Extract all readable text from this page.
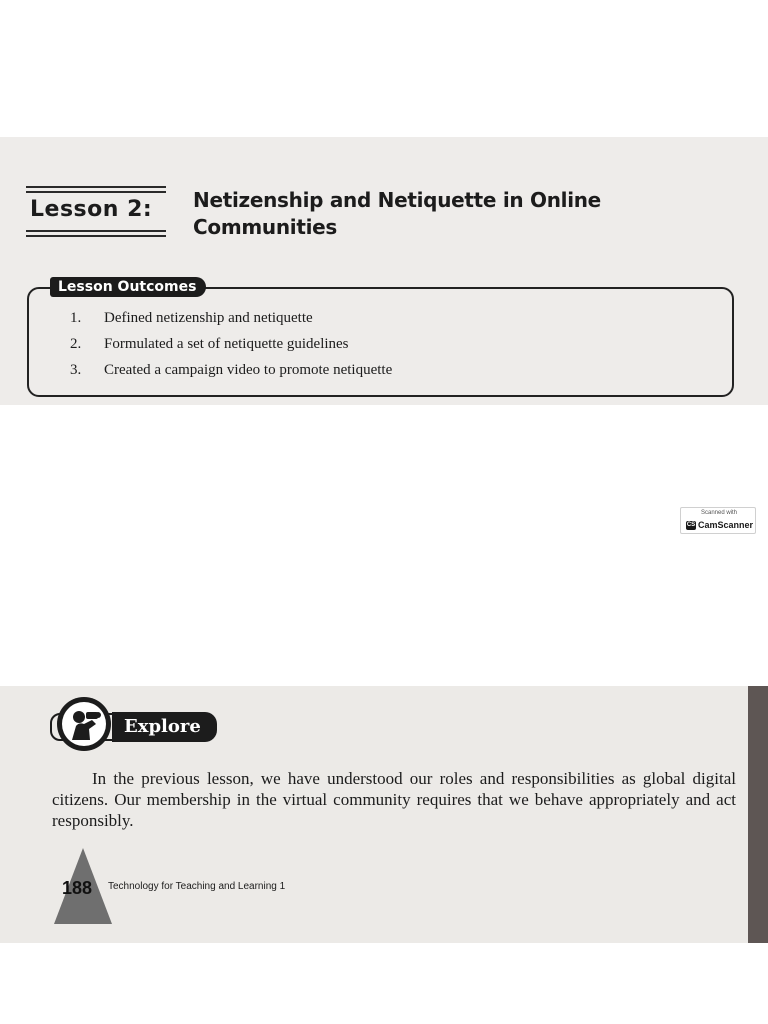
Lesson 2: Netizenship and Netiquette in Online
Communities
Lesson Outcomes
1. Defined netizenship and netiquette
2. Formulated a set of netiquette guidelines
3. Created a campaign video to promote netiquette
Scanned with
CS CamScanner
Explore
In the previous lesson, we have understood our roles and responsibilities as global digital citizens. Our membership in the virtual community requires that we behave appropriately and act responsibly.
188 Technology for Teaching and Learning 1
